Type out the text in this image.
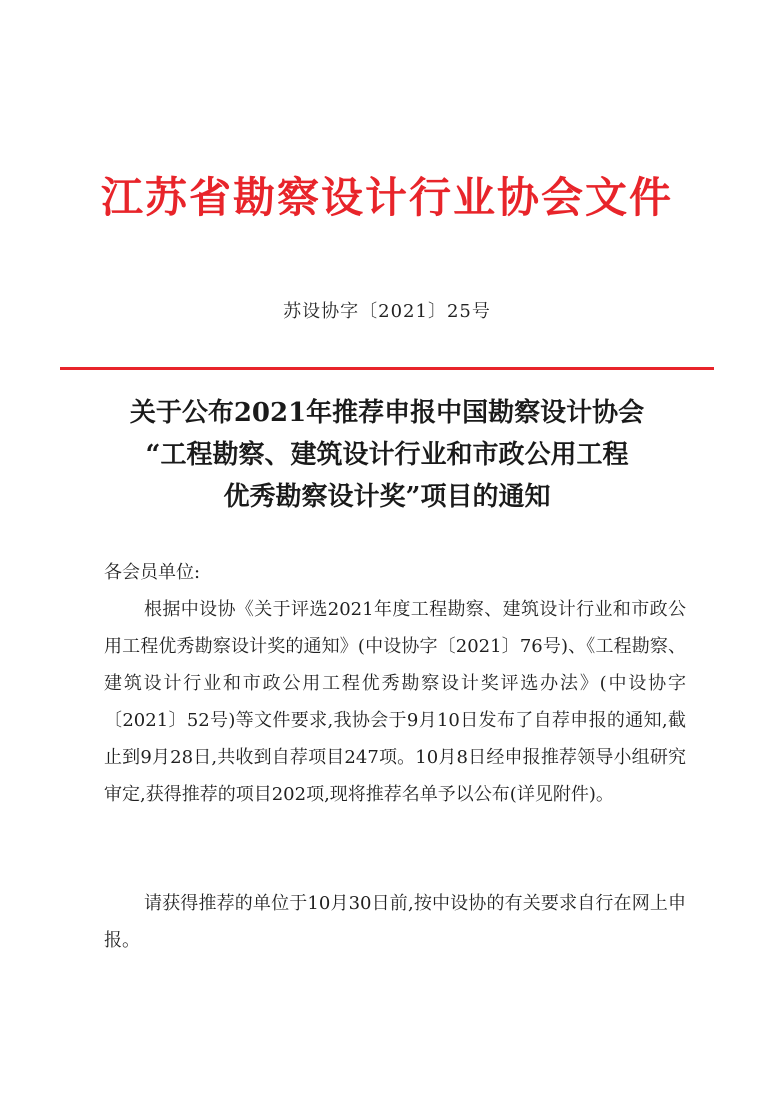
江苏省勘察设计行业协会文件
苏设协字〔2021〕25号
关于公布2021年推荐申报中国勘察设计协会
“工程勘察、建筑设计行业和市政公用工程
优秀勘察设计奖”项目的通知
各会员单位:
根据中设协《关于评选2021年度工程勘察、建筑设计行业和市政公用工程优秀勘察设计奖的通知》(中设协字〔2021〕76号)、《工程勘察、建筑设计行业和市政公用工程优秀勘察设计奖评选办法》(中设协字〔2021〕52号)等文件要求,我协会于9月10日发布了自荐申报的通知,截止到9月28日,共收到自荐项目247项。10月8日经申报推荐领导小组研究审定,获得推荐的项目202项,现将推荐名单予以公布(详见附件)。
请获得推荐的单位于10月30日前,按中设协的有关要求自行在网上申报。
